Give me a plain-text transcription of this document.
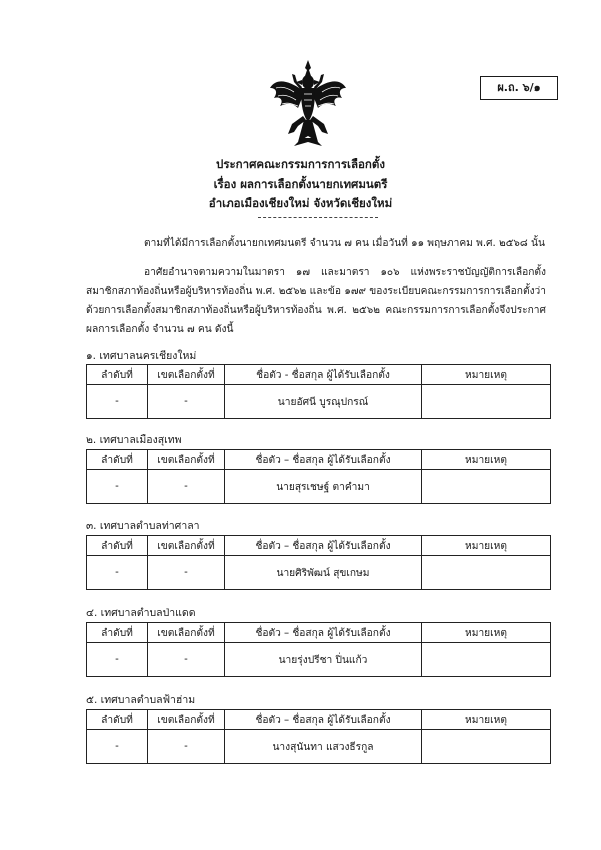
ผ.ถ. ๖/๑
ประกาศคณะกรรมการการเลือกตั้ง
เรื่อง ผลการเลือกตั้งนายกเทศมนตรี
อำเภอเมืองเชียงใหม่ จังหวัดเชียงใหม่
ตามที่ได้มีการเลือกตั้งนายกเทศมนตรี จำนวน ๗ คน เมื่อวันที่ ๑๑ พฤษภาคม พ.ศ. ๒๕๖๘ นั้น
อาศัยอำนาจตามความในมาตรา ๑๗ และมาตรา ๑๐๖ แห่งพระราชบัญญัติการเลือกตั้งสมาชิกสภาท้องถิ่นหรือผู้บริหารท้องถิ่น พ.ศ. ๒๕๖๒ และข้อ ๑๗๙ ของระเบียบคณะกรรมการการเลือกตั้งว่าด้วยการเลือกตั้งสมาชิกสภาท้องถิ่นหรือผู้บริหารท้องถิ่น พ.ศ. ๒๕๖๒ คณะกรรมการการเลือกตั้งจึงประกาศผลการเลือกตั้ง จำนวน ๗ คน ดังนี้
๑. เทศบาลนครเชียงใหม่
ลำดับที่	เขตเลือกตั้งที่	ชื่อตัว - ชื่อสกุล ผู้ได้รับเลือกตั้ง	หมายเหตุ
-	-	นายอัศนี บูรณุปกรณ์	
๒. เทศบาลเมืองสุเทพ
ลำดับที่	เขตเลือกตั้งที่	ชื่อตัว – ชื่อสกุล ผู้ได้รับเลือกตั้ง	หมายเหตุ
-	-	นายสุรเชษฐ์ ตาคำมา	
๓. เทศบาลตำบลท่าศาลา
ลำดับที่	เขตเลือกตั้งที่	ชื่อตัว – ชื่อสกุล ผู้ได้รับเลือกตั้ง	หมายเหตุ
-	-	นายศิริพัฒน์ สุขเกษม	
๔. เทศบาลตำบลป่าแดด
ลำดับที่	เขตเลือกตั้งที่	ชื่อตัว – ชื่อสกุล ผู้ได้รับเลือกตั้ง	หมายเหตุ
-	-	นายรุ่งปรีชา ปิ่นแก้ว	
๕. เทศบาลตำบลฟ้าฮ่าม
ลำดับที่	เขตเลือกตั้งที่	ชื่อตัว – ชื่อสกุล ผู้ได้รับเลือกตั้ง	หมายเหตุ
-	-	นางสุนันทา แสวงธีรกูล	
